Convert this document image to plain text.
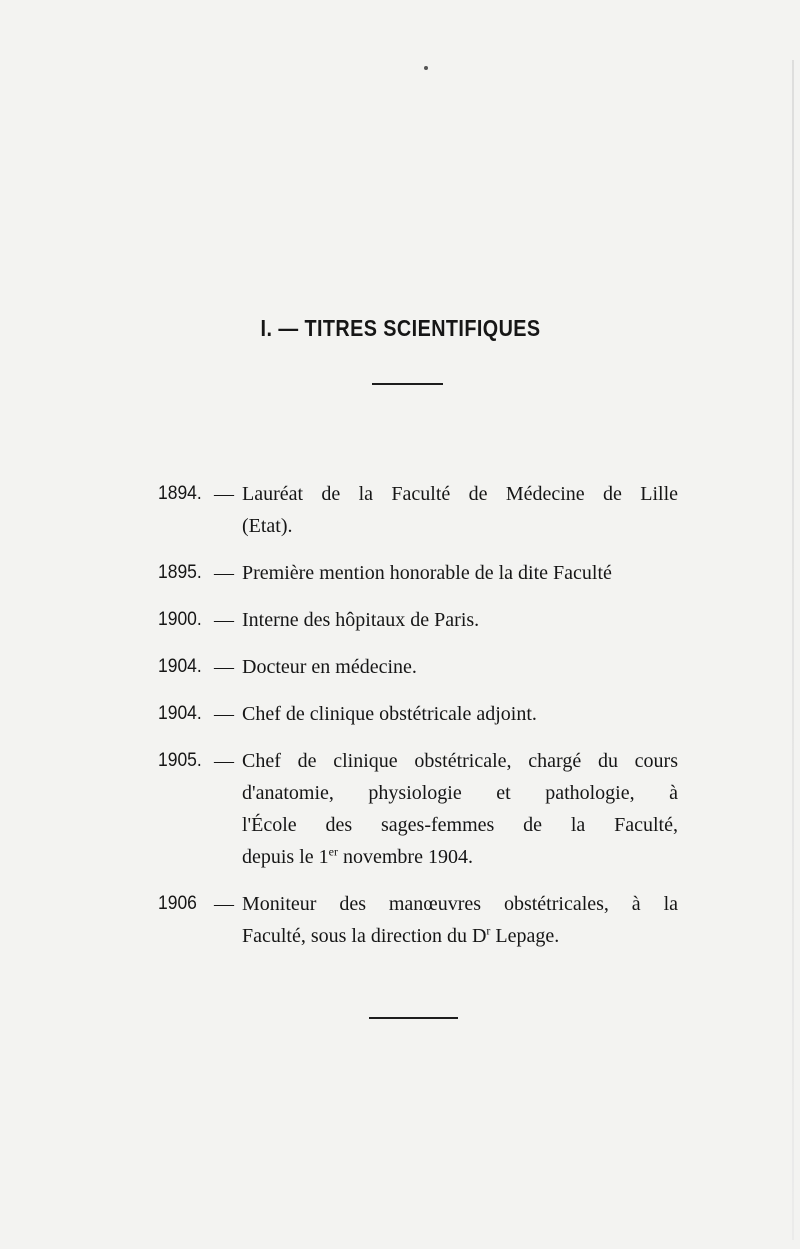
I. — TITRES SCIENTIFIQUES
1894. — Lauréat de la Faculté de Médecine de Lille
(Etat).
1895. — Première mention honorable de la dite Faculté
1900. — Interne des hôpitaux de Paris.
1904. — Docteur en médecine.
1904. — Chef de clinique obstétricale adjoint.
1905. — Chef de clinique obstétricale, chargé du cours
d'anatomie, physiologie et pathologie, à
l'École des sages-femmes de la Faculté,
depuis le 1er novembre 1904.
1906 — Moniteur des manœuvres obstétricales, à la
Faculté, sous la direction du $D^r$ Lepage.
